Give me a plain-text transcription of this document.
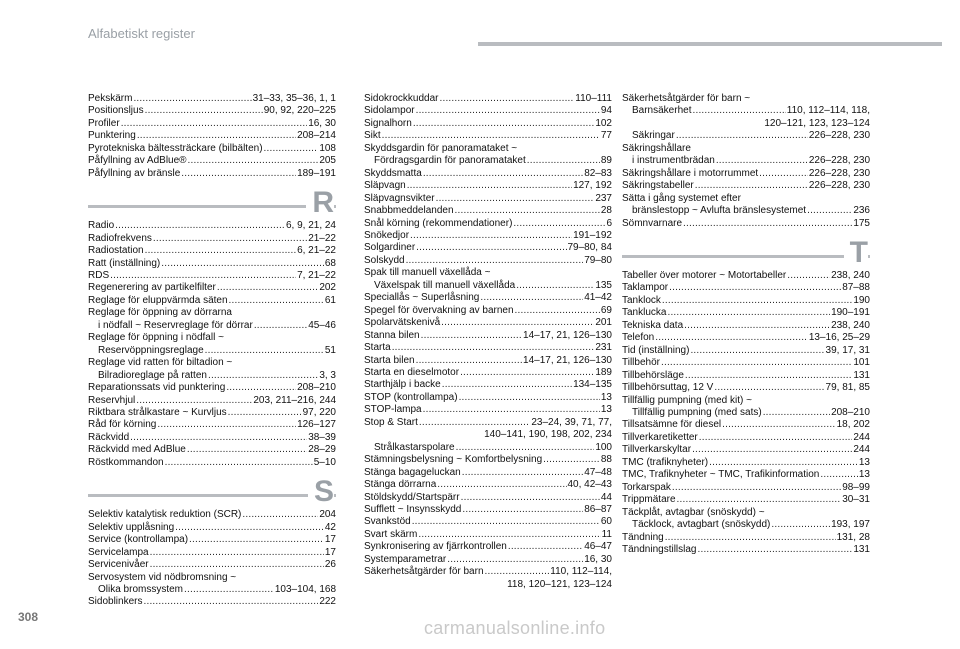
Alfabetiskt register
Pekskärm .....	31–33, 35–36, 1, 1
Positionsljus .....	90, 92, 220–225
Profiler .....	16, 30
Punktering .....	208–214
Pyrotekniska bältessträckare (bilbälten) .....	108
Påfyllning av AdBlue® .....	205
Påfyllning av bränsle .....	189–191
R
Radio .....	6, 9, 21, 24
Radiofrekvens .....	21–22
Radiostation .....	6, 21–22
Ratt (inställning) .....	68
RDS .....	7, 21–22
Regenerering av partikelfilter .....	202
Reglage för eluppvärmda säten .....	61
Reglage för öppning av dörrarna
i nödfall ~ Reservreglage för dörrar .....	45–46
Reglage för öppning i nödfall ~
Reservöppningsreglage .....	51
Reglage vid ratten för biltadion ~
Bilradioreglage på ratten .....	3, 3
Reparationssats vid punktering .....	208–210
Reservhjul .....	203, 211–216, 244
Riktbara strålkastare ~ Kurvljus .....	97, 220
Råd för körning .....	126–127
Räckvidd .....	38–39
Räckvidd med AdBlue .....	28–29
Röstkommandon .....	5–10
S
Selektiv katalytisk reduktion (SCR) .....	204
Selektiv upplåsning .....	42
Service (kontrollampa) .....	17
Servicelampa .....	17
Servicenivåer .....	26
Servosystem vid nödbromsning ~
Olika bromssystem .....	103–104, 168
Sidoblinkers .....	222
Sidokrockkuddar .....	110–111
Sidolampor .....	94
Signalhorn .....	102
Sikt .....	77
Skyddsgardin för panoramataket ~
Fördragsgardin för panoramataket .....	89
Skyddsmatta .....	82–83
Släpvagn .....	127, 192
Släpvagnsvikter .....	237
Snabbmeddelanden .....	28
Snål körning (rekommendationer) .....	6
Snökedjor .....	191–192
Solgardiner .....	79–80, 84
Solskydd .....	79–80
Spak till manuell växellåda ~
Växelspak till manuell växellåda .....	135
Speciallås ~ Superlåsning .....	41–42
Spegel för övervakning av barnen .....	69
Spolarvätskenivå .....	201
Stanna bilen .....	14–17, 21, 126–130
Starta .....	231
Starta bilen .....	14–17, 21, 126–130
Starta en dieselmotor .....	189
Starthjälp i backe .....	134–135
STOP (kontrollampa) .....	13
STOP-lampa .....	13
Stop & Start .....	23–24, 39, 71, 77,
140–141, 190, 198, 202, 234
Strålkastarspolare .....	100
Stämningsbelysning ~ Komfortbelysning .....	88
Stänga bagageluckan .....	47–48
Stänga dörrarna .....	40, 42–43
Stöldskydd/Startspärr .....	44
Sufflett ~ Insynsskydd .....	86–87
Svankstöd .....	60
Svart skärm .....	11
Synkronisering av fjärrkontrollen .....	46–47
Systemparametrar .....	16, 30
Säkerhetsåtgärder för barn .....	110, 112–114,
118, 120–121, 123–124
Säkerhetsåtgärder för barn ~
Barnsäkerhet .....	110, 112–114, 118,
120–121, 123, 123–124
Säkringar .....	226–228, 230
Säkringshållare
i instrumentbrädan .....	226–228, 230
Säkringshållare i motorrummet .....	226–228, 230
Säkringstabeller .....	226–228, 230
Sätta i gång systemet efter
bränslestopp ~ Avlufta bränslesystemet .....	236
Sömnvarnare .....	175
T
Tabeller över motorer ~ Motortabeller .....	238, 240
Taklampor .....	87–88
Tanklock .....	190
Tanklucka .....	190–191
Tekniska data .....	238, 240
Telefon .....	13–16, 25–29
Tid (inställning) .....	39, 17, 31
Tillbehör .....	101
Tillbehörsläge .....	131
Tillbehörsuttag, 12 V .....	79, 81, 85
Tillfällig pumpning (med kit) ~
Tillfällig pumpning (med sats) .....	208–210
Tillsatsämne för diesel .....	18, 202
Tillverkaretiketter .....	244
Tillverkarskyltar .....	244
TMC (trafiknyheter) .....	13
TMC, Trafiknyheter ~ TMC, Trafikinformation .....	13
Torkarspak .....	98–99
Trippmätare .....	30–31
Täckplåt, avtagbar (snöskydd) ~
Täcklock, avtagbart (snöskydd) .....	193, 197
Tändning .....	131, 28
Tändningstillslag .....	131
308
carmanualsonline.info
